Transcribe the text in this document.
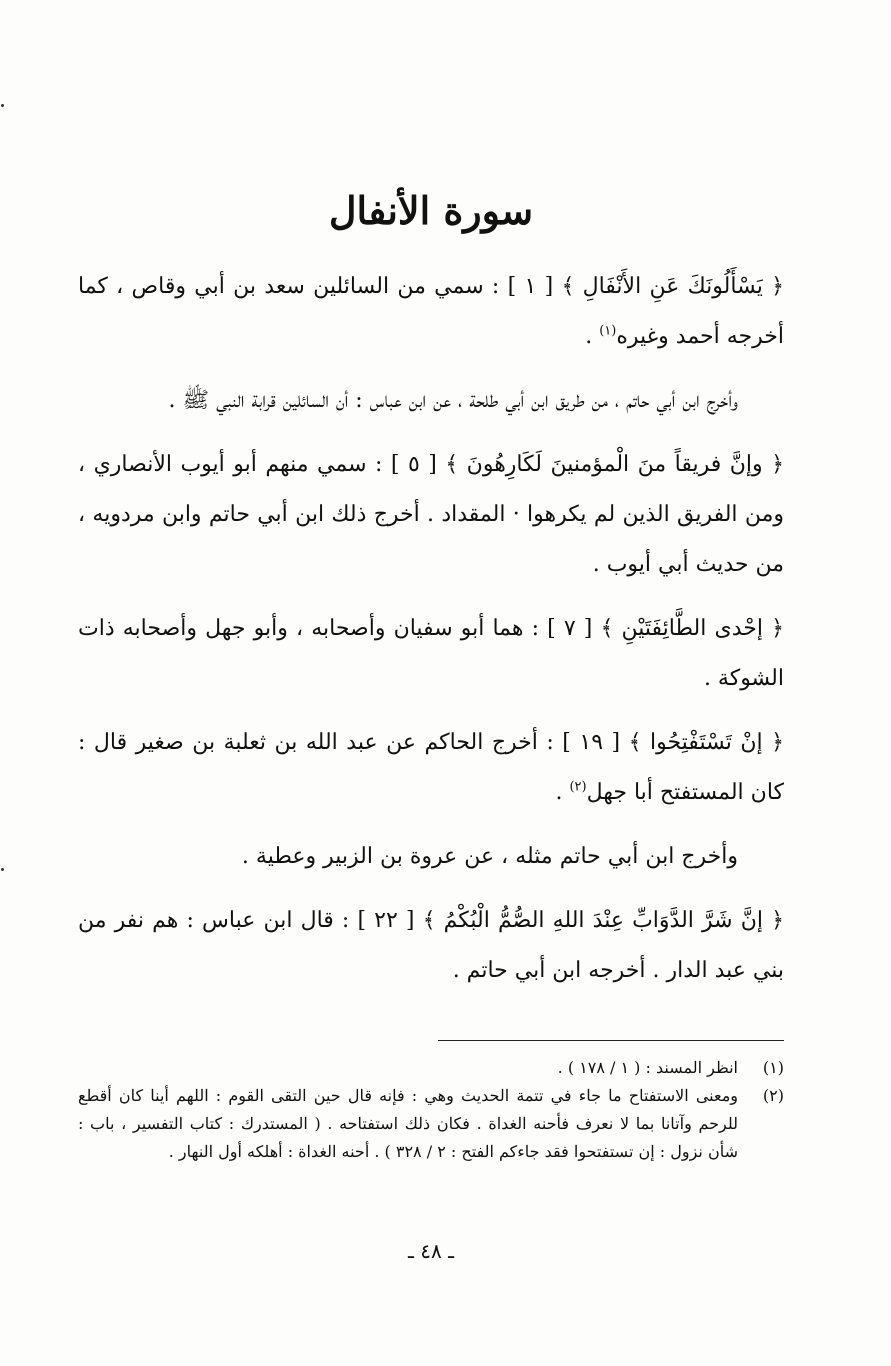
سورة الأنفال

﴿ يَسْأَلُونَكَ عَنِ الأَنْفَالِ ﴾ [ ١ ] : سمي من السائلين سعد بن أبي وقاص ، كما أخرجه أحمد وغيره$^{(١)}$ .

وأخرج ابن أبي حاتم ، من طريق ابن أبي طلحة ، عن ابن عباس : أن السائلين قرابة النبي ﷺ .

﴿ وإنَّ فريقاً منَ الْمؤمنينَ لَكَارِهُونَ ﴾ [ ٥ ] : سمي منهم أبو أيوب الأنصاري ، ومن الفريق الذين لم يكرهوا · المقداد . أخرج ذلك ابن أبي حاتم وابن مردويه ، من حديث أبي أيوب .

﴿ إحْدى الطَّائِفَتَيْنِ ﴾ [ ٧ ] : هما أبو سفيان وأصحابه ، وأبو جهل وأصحابه ذات الشوكة .

﴿ إنْ تَسْتَفْتِحُوا ﴾ [ ١٩ ] : أخرج الحاكم عن عبد الله بن ثعلبة بن صغير قال : كان المستفتح أبا جهل$^{(٢)}$ .

وأخرج ابن أبي حاتم مثله ، عن عروة بن الزبير وعطية .

﴿ إنَّ شَرَّ الدَّوَابِّ عِنْدَ اللهِ الصُّمُّ الْبُكْمُ ﴾ [ ٢٢ ] : قال ابن عباس : هم نفر من بني عبد الدار . أخرجه ابن أبي حاتم .

(١)
انظر المسند : ( ١ / ١٧٨ ) .
(٢)
ومعنى الاستفتاح ما جاء في تتمة الحديث وهي : فإنه قال حين التقى القوم : اللهم أينا كان أقطع للرحم وآتانا بما لا نعرف فأحنه الغداة . فكان ذلك استفتاحه . ( المستدرك : كتاب التفسير ، باب : شأن نزول : إن تستفتحوا فقد جاءكم الفتح : ٢ / ٣٢٨ ) . أحنه الغداة : أهلكه أول النهار .
ـ ٤٨ ـ
